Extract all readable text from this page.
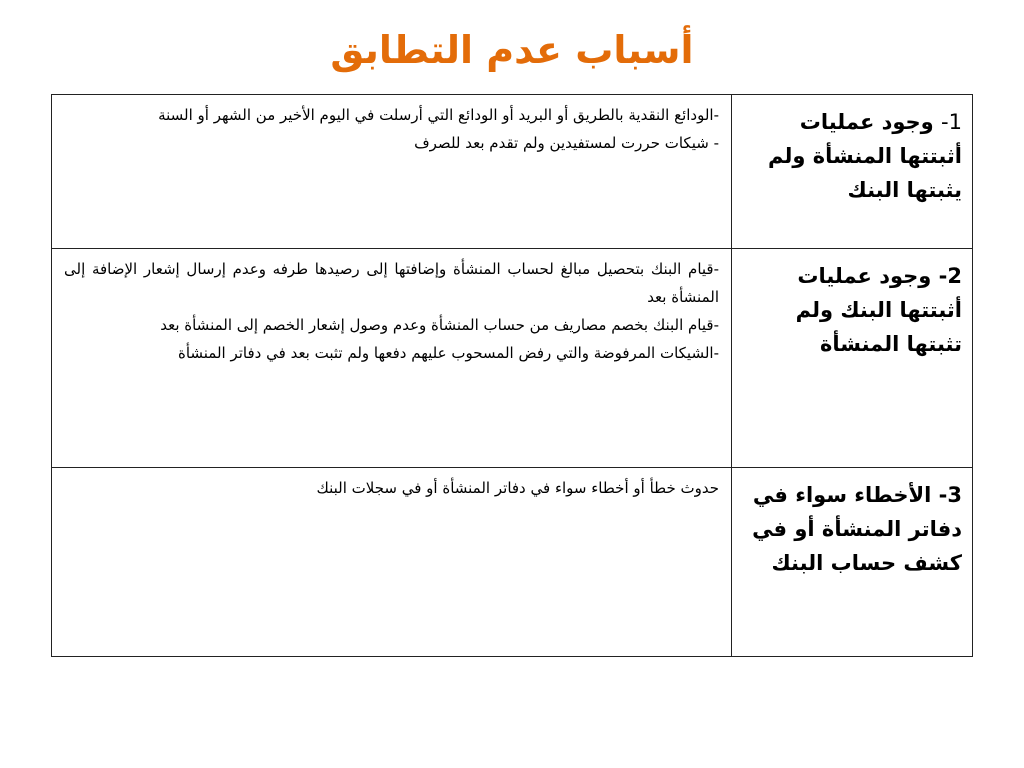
أسباب عدم التطابق
1- وجود عمليات أثبتتها المنشأة ولم يثبتها البنك	-الودائع النقدية بالطريق أو البريد أو الودائع التي أرسلت في اليوم الأخير من الشهر أو السنة
- شيكات حررت لمستفيدين ولم تقدم بعد للصرف

2- وجود عمليات أثبتتها البنك ولم تثبتها المنشأة	-قيام البنك بتحصيل مبالغ لحساب المنشأة وإضافتها إلى رصيدها طرفه وعدم إرسال إشعار الإضافة إلى المنشأة بعد
-قيام البنك بخصم مصاريف من حساب المنشأة وعدم وصول إشعار الخصم إلى المنشأة بعد
-الشيكات المرفوضة والتي رفض المسحوب عليهم دفعها ولم تثبت بعد في دفاتر المنشأة

3- الأخطاء سواء في دفاتر المنشأة أو في كشف حساب البنك	حدوث خطأ أو أخطاء سواء في دفاتر المنشأة أو في سجلات البنك
